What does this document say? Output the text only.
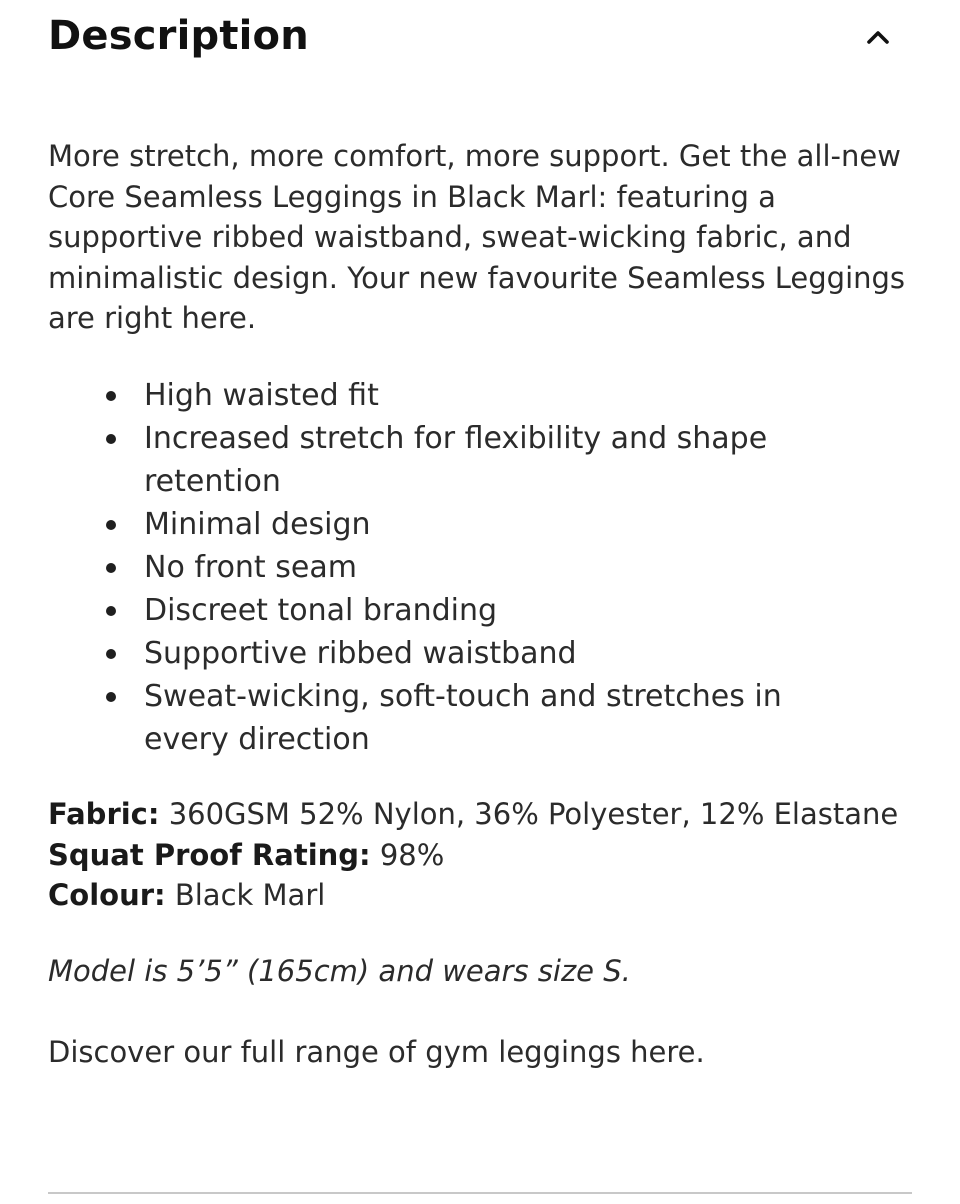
Description

More stretch, more comfort, more support. Get the all-new Core Seamless Leggings in Black Marl: featuring a supportive ribbed waistband, sweat-wicking fabric, and minimalistic design. Your new favourite Seamless Leggings are right here.

High waisted fit
Increased stretch for flexibility and shape retention
Minimal design
No front seam
Discreet tonal branding
Supportive ribbed waistband
Sweat-wicking, soft-touch and stretches in every direction

Fabric: 360GSM 52% Nylon, 36% Polyester, 12% Elastane

Squat Proof Rating: 98%

Colour: Black Marl

Model is 5’5” (165cm) and wears size S.

Discover our full range of gym leggings here.
